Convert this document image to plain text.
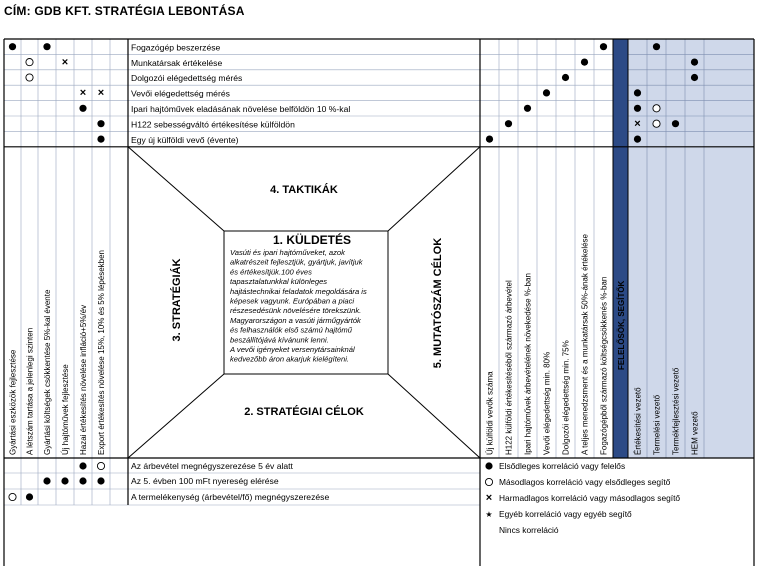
CÍM: GDB KFT. STRATÉGIA LEBONTÁSA
1. KÜLDETÉS
Vasúti és ipari hajtóműveket, azok
alkatrészeit fejlesztjük, gyártjuk, javítjuk
és értékesítjük.100 éves
tapasztalatunkkal különleges
hajtástechnikai feladatok megoldására is
képesek vagyunk. Európában a piaci
részesedésünk növelésére törekszünk.
Magyarországon a vasúti járműgyártók
és felhasználók első számú hajtómű
beszállítójává kívánunk lenni.
A vevői igényeket versenytársainknál
kedvezőbb áron akarjuk kielégíteni.
4. TAKTIKÁK
2. STRATÉGIAI CÉLOK
3. STRATÉGIÁK	5. MUTATÓSZÁM CÉLOK
Fogazógép beszerzése
Munkatársak értékelése
Dolgozói elégedettség mérés
Vevői elégedettség mérés
Ipari hajtóművek eladásának növelése belföldön 10 %-kal
H122 sebességváltó értékesítése külföldön
Egy új külföldi vevő (évente)
Gyártási eszközök fejlesztése A létszám tartása a jelenlegi szinten Gyártási költségek csökkentése 5%-kal évente Új hajtóművek fejlesztése Hazai értékesítés növelése infláció+5%/év Export értékesítés növelése 15%, 10% és 5% lépésekben	Új külföldi vevők száma H122 külföldi értékesítéséből származó árbevétel Ipari hajtóművek árbevételének növekedése %-ban Vevői elégedettség min. 80% Dolgozói elégedettség min. 75% A teljes menedzsment és a munkatársak 50%-ának értékelése Fogazógépből származó költségcsökkenés %-ban FELELŐSÖK, SEGÍTŐK
Értékesítési vezető Termelési vezető Termékfejlesztési vezető HEM vezető
Az árbevétel megnégyszerezése 5 év alatt
Az 5. évben 100 mFt nyereség elérése
A termelékenység (árbevétel/fő) megnégyszerezése
Elsődleges korreláció vagy felelős
Másodlagos korreláció vagy elsődleges segítő
× Harmadlagos korreláció vagy másodlagos segítő
★ Egyéb korreláció vagy egyéb segítő
Nincs korreláció
×
× ×
×
